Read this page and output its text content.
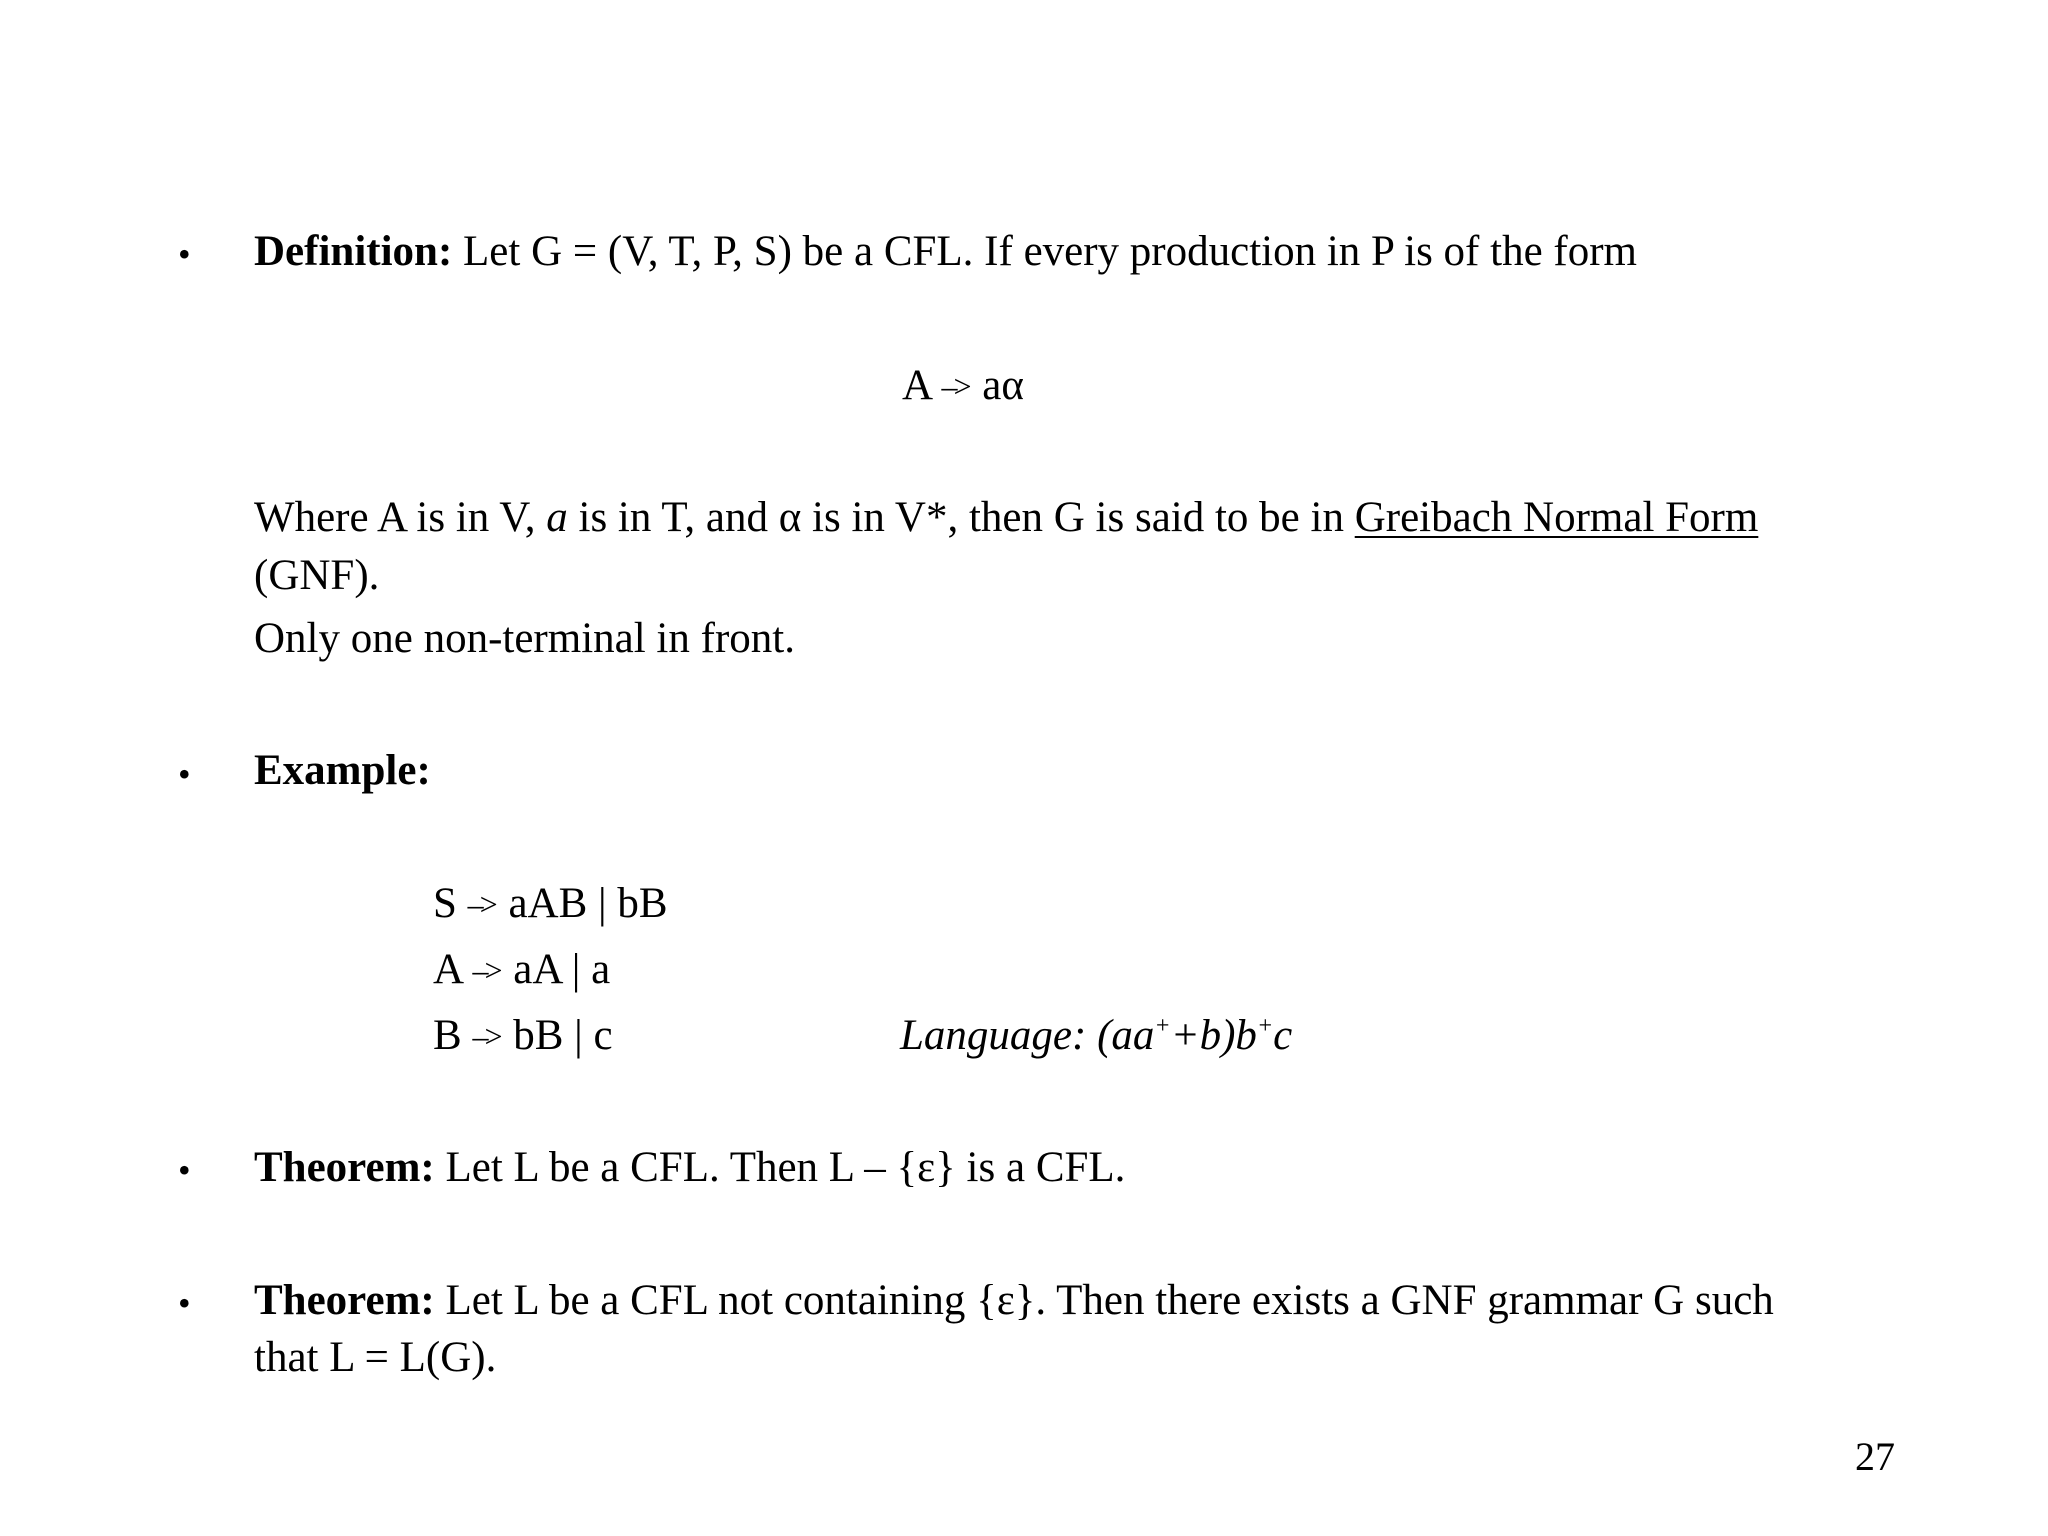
• Definition: Let G = (V, T, P, S) be a CFL. If every production in P is of the form
A –> aα
Where A is in V, a is in T, and α is in V*, then G is said to be in Greibach Normal Form
(GNF).
Only one non-terminal in front.
• Example:
S –> aAB | bB
A –> aA | a
B –> bB | c	Language: (aa++b)b+c
• Theorem: Let L be a CFL. Then L – {ε} is a CFL.
• Theorem: Let L be a CFL not containing {ε}. Then there exists a GNF grammar G such
that L = L(G).
27
